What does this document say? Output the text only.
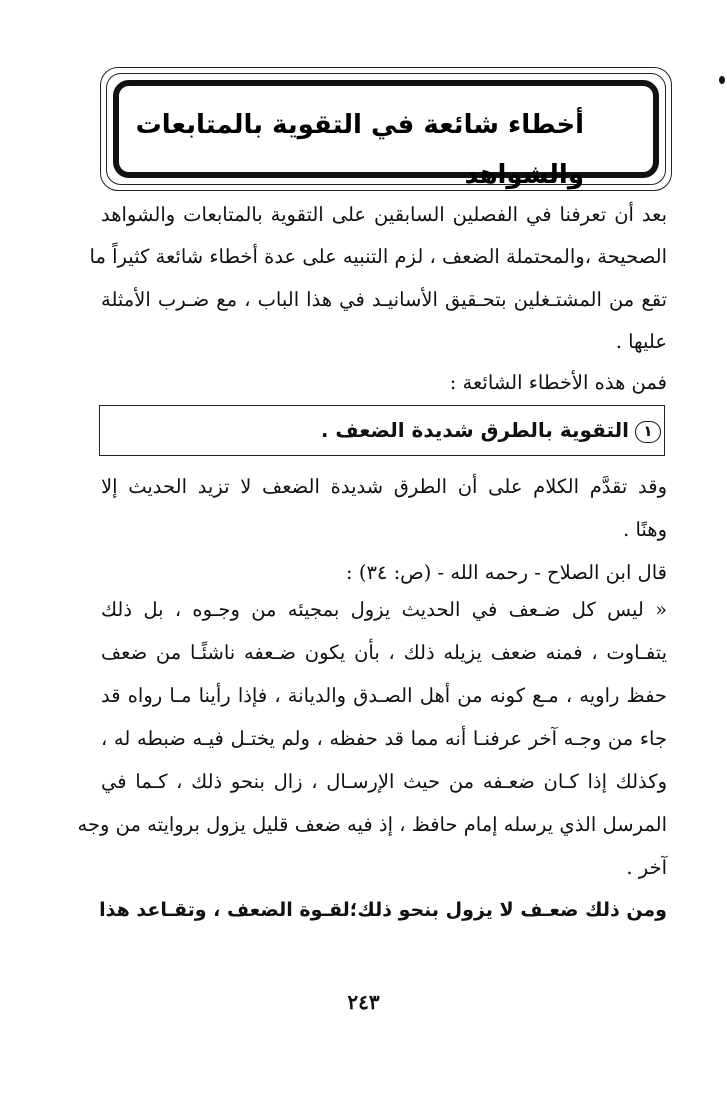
أخطاء شائعة في التقوية بالمتابعات والشواهد
بعد أن تعرفنا في الفصلين السابقين على التقوية بالمتابعات والشواهد
الصحيحة ،والمحتملة الضعف ، لزم التنبيه على عدة أخطاء شائعة كثيراً ما
تقع من المشتـغلين بتحـقيق الأسانيـد في هذا الباب ، مع ضـرب الأمثلة
عليها .
فمن هذه الأخطاء الشائعة :
١التقوية بالطرق شديدة الضعف .
وقد تقدَّم الكلام على أن الطرق شديدة الضعف لا تزيد الحديث إلا
وهنًا .
قال ابن الصلاح - رحمه الله - (ص: ٣٤) :
« ليس كل ضـعف في الحديث يزول بمجيئه من وجـوه ، بل ذلك
يتفـاوت ، فمنه ضعف يزيله ذلك ، بأن يكون ضـعفه ناشئًـا من ضعف
حفظ راويه ، مـع كونه من أهل الصـدق والديانة ، فإذا رأينا مـا رواه قد
جاء من وجـه آخر عرفنـا أنه مما قد حفظه ، ولم يختـل فيـه ضبطه له ،
وكذلك إذا كـان ضعـفه من حيث الإرسـال ، زال بنحو ذلك ، كـما في
المرسل الذي يرسله إمام حافظ ، إذ فيه ضعف قليل يزول بروايته من وجه
آخر .
ومن ذلك ضعـف لا يزول بنحو ذلك؛لقـوة الضعف ، وتقـاعد هذا
٢٤٣
